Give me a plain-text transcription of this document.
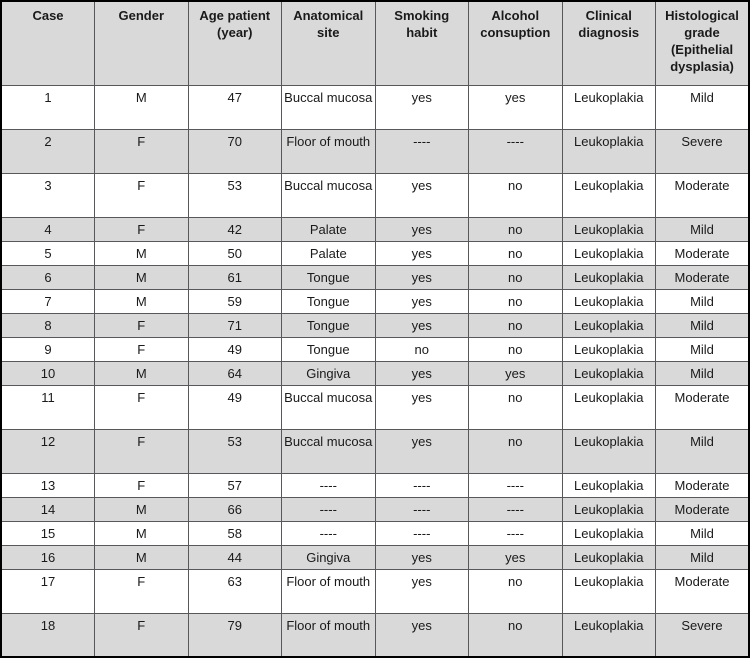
Case	Gender	Age patient (year)	Anatomical site	Smoking habit	Alcohol consuption	Clinical diagnosis	Histological grade (Epithelial dysplasia)
1	M	47	Buccal mucosa	yes	yes	Leukoplakia	Mild
2	F	70	Floor of mouth	----	----	Leukoplakia	Severe
3	F	53	Buccal mucosa	yes	no	Leukoplakia	Moderate
4	F	42	Palate	yes	no	Leukoplakia	Mild
5	M	50	Palate	yes	no	Leukoplakia	Moderate
6	M	61	Tongue	yes	no	Leukoplakia	Moderate
7	M	59	Tongue	yes	no	Leukoplakia	Mild
8	F	71	Tongue	yes	no	Leukoplakia	Mild
9	F	49	Tongue	no	no	Leukoplakia	Mild
10	M	64	Gingiva	yes	yes	Leukoplakia	Mild
11	F	49	Buccal mucosa	yes	no	Leukoplakia	Moderate
12	F	53	Buccal mucosa	yes	no	Leukoplakia	Mild
13	F	57	----	----	----	Leukoplakia	Moderate
14	M	66	----	----	----	Leukoplakia	Moderate
15	M	58	----	----	----	Leukoplakia	Mild
16	M	44	Gingiva	yes	yes	Leukoplakia	Mild
17	F	63	Floor of mouth	yes	no	Leukoplakia	Moderate
18	F	79	Floor of mouth	yes	no	Leukoplakia	Severe
